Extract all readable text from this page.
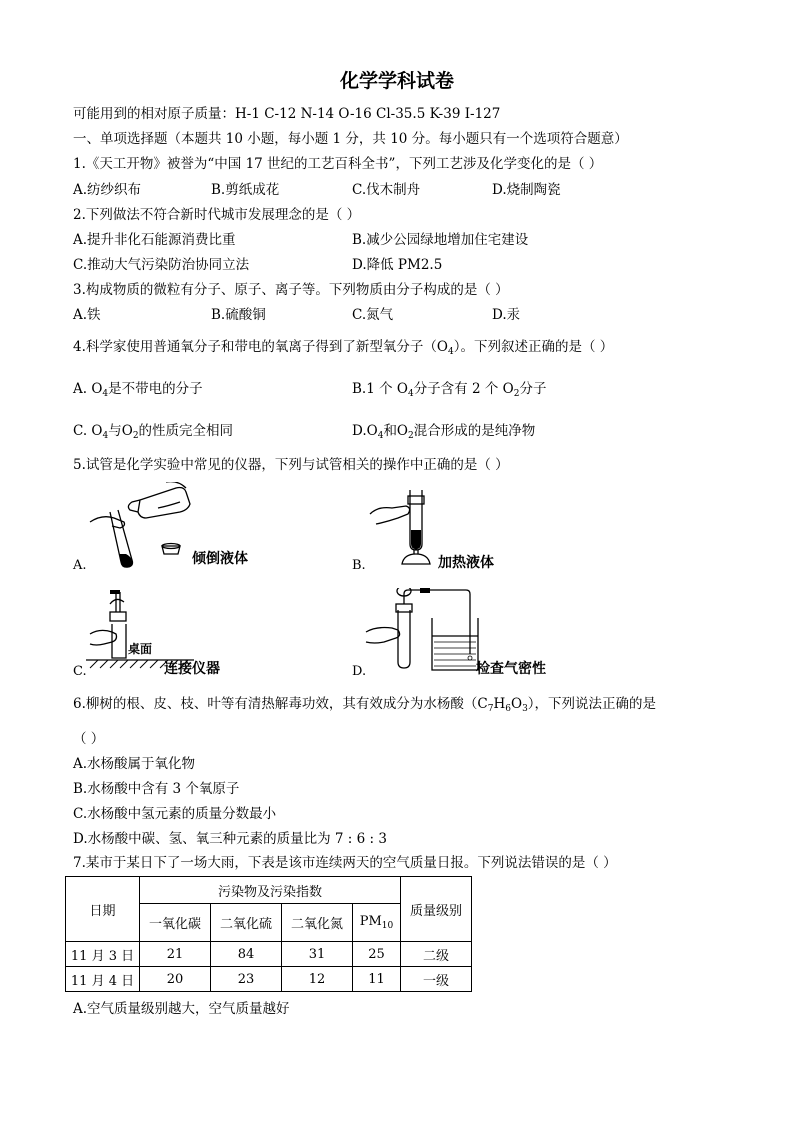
化学学科试卷
可能用到的相对原子质量：H-1 C-12 N-14 O-16 Cl-35.5 K-39 I-127
一、单项选择题（本题共 10 小题，每小题 1 分，共 10 分。每小题只有一个选项符合题意）
1.《天工开物》被誉为“中国 17 世纪的工艺百科全书”，下列工艺涉及化学变化的是（ ）
A.纺纱织布	B.剪纸成花	C.伐木制舟	D.烧制陶瓷
2.下列做法不符合新时代城市发展理念的是（ ）
A.提升非化石能源消费比重	B.减少公园绿地增加住宅建设
C.推动大气污染防治协同立法	D.降低 PM2.5
3.构成物质的微粒有分子、原子、离子等。下列物质由分子构成的是（ ）
A.铁	B.硫酸铜	C.氮气	D.汞
4.科学家使用普通氧分子和带电的氧离子得到了新型氧分子$(O_4)$。下列叙述正确的是（ ）
A. $O_4$是不带电的分子	B.1 个 $O_4$分子含有 2 个 $O_2$分子
C. $O_4$与$O_2$的性质完全相同	$D.O_4$和$O_2$混合形成的是纯净物
5.试管是化学实验中常见的仪器，下列与试管相关的操作中正确的是（ ）
A.	倾倒液体	B.	加热液体
桌面
C.	连接仪器	D.	检查气密性
6.柳树的根、皮、枝、叶等有清热解毒功效，其有效成分为水杨酸$(C_7H_6O_3)$，下列说法正确的是
（ ）
A.水杨酸属于氧化物
B.水杨酸中含有 3 个氧原子
C.水杨酸中氢元素的质量分数最小
D.水杨酸中碳、氢、氧三种元素的质量比为 7 : 6 : 3
7.某市于某日下了一场大雨，下表是该市连续两天的空气质量日报。下列说法错误的是（ ）
日期	污染物及污染指数				质量级别
	一氧化碳	二氧化硫	二氧化氮	$PM_{10}$
11 月 3 日	21	84	31	25	二级
11 月 4 日	20	23	12	11	一级
A.空气质量级别越大，空气质量越好
